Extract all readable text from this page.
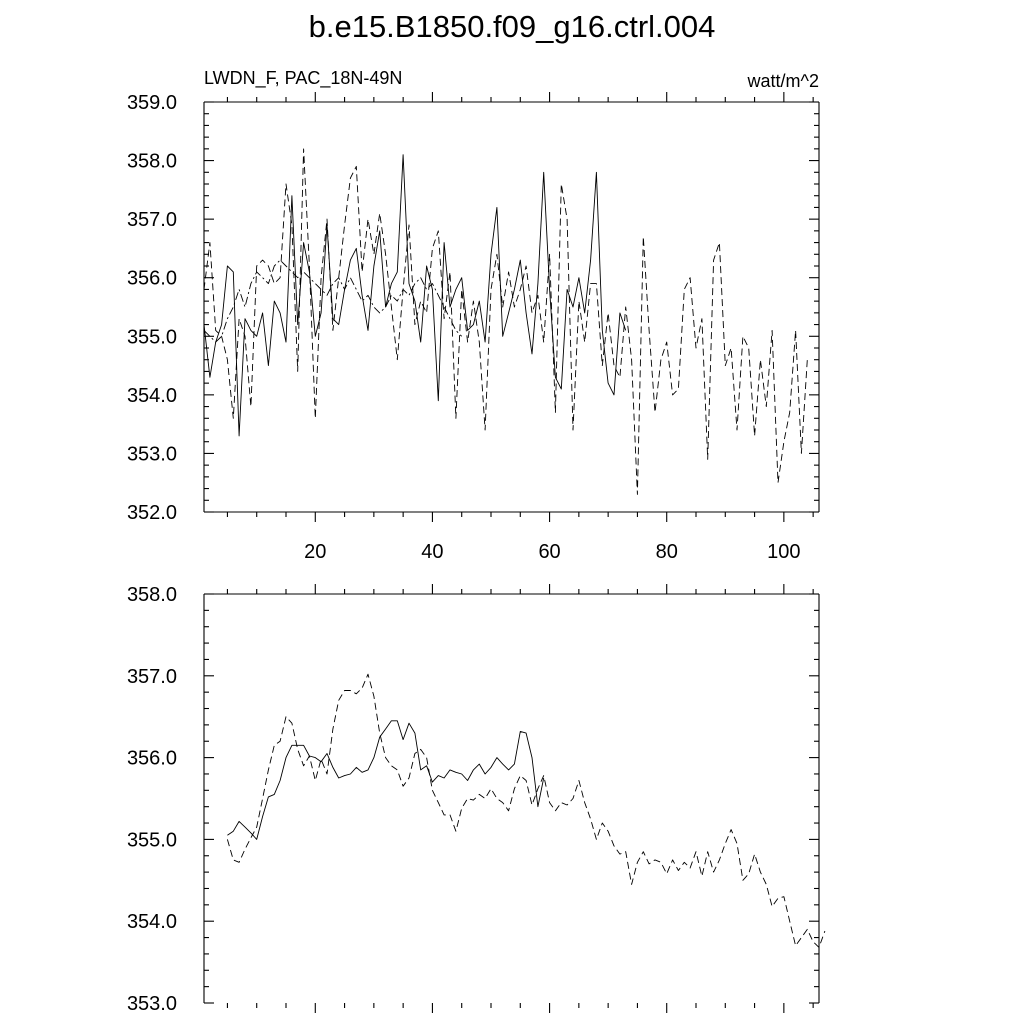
b.e15.B1850.f09_g16.ctrl.004
LWDN_F, PAC_18N-49N	watt/m^2
20	40	60	80	100
352.0
353.0
354.0
355.0
356.0
357.0
358.0
359.0
353.0
354.0
355.0
356.0
357.0
358.0
